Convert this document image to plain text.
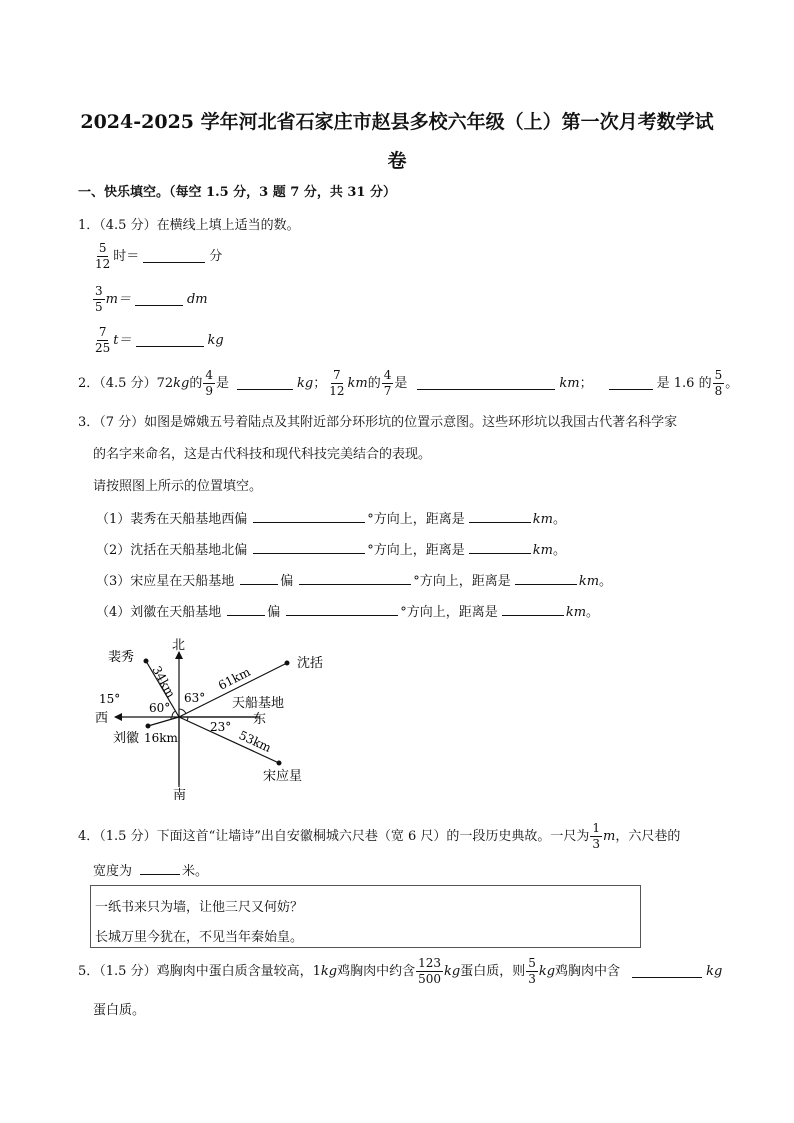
2024-2025 学年河北省石家庄市赵县多校六年级（上）第一次月考数学试
卷
一、快乐填空。（每空 1.5 分，3 题 7 分，共 31 分）
1．（4.5 分）在横线上填上适当的数。
$\frac{5}{12}$ 时＝	分
$\frac{3}{5} m=$	dm
$\frac{7}{25} t=$	kg
2．（4.5 分）72 kg 的 $\frac{4}{9}$ 是	kg ； $\frac{7}{12}$ km 的 $\frac{4}{7}$ 是	km ；	是 1.6 的 $\frac{5}{8}$ 。
3．（7 分）如图是嫦娥五号着陆点及其附近部分环形坑的位置示意图。这些环形坑以我国古代著名科学家
的名字来命名，这是古代科技和现代科技完美结合的表现。
请按照图上所示的位置填空。
（1）裴秀在天船基地西偏	°方向上，距离是	km 。
（2）沈括在天船基地北偏	°方向上，距离是	km 。
（3）宋应星在天船基地	偏	°方向上，距离是	km 。
（4）刘徽在天船基地	偏	°方向上，距离是	km 。
北
南
西	东
天船基地
裴秀	沈括
宋应星
刘徽
34km	61km
53km
16km
15°
60°
63°
23°
4．（1.5 分）下面这首“让墙诗”出自安徽桐城六尺巷（宽 6 尺）的一段历史典故。一尺为 $\frac{1}{3}$ m ，六尺巷的
宽度为	米。
一纸书来只为墙，让他三尺又何妨？
长城万里今犹在，不见当年秦始皇。
5．（1.5 分）鸡胸肉中蛋白质含量较高，1 kg 鸡胸肉中约含 $\frac{123}{500}$ kg 蛋白质，则 $\frac{5}{3}$ kg 鸡胸肉中含	kg
蛋白质。
